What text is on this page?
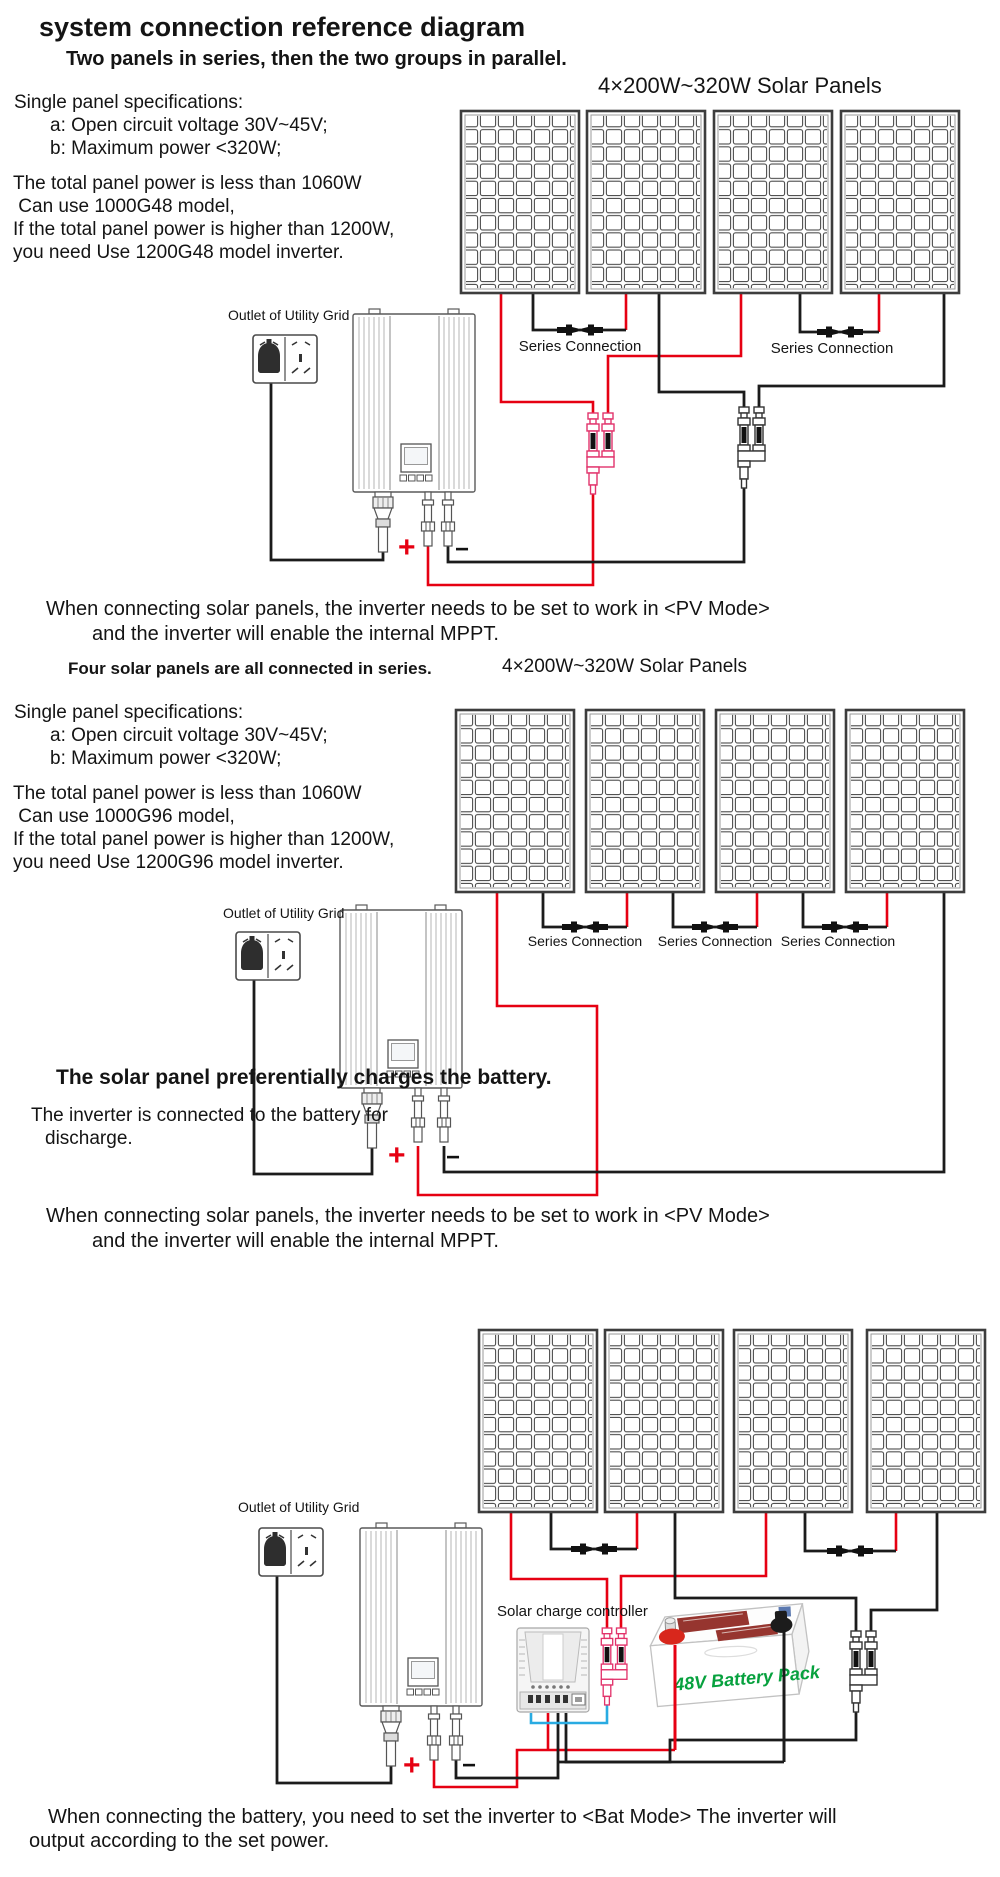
48V Battery Pack
system connection reference diagram
Two panels in series, then the two groups in parallel.
4×200W~320W Solar Panels
Single panel specifications:
a: Open circuit voltage 30V~45V;
b: Maximum power <320W;
The total panel power is less than 1060W
Can use 1000G48 model,
If the total panel power is higher than 1200W,
you need Use 1200G48 model inverter.
Outlet of Utility Grid
Series Connection	Series Connection
+ −
When connecting solar panels, the inverter needs to be set to work in <PV Mode>
and the inverter will enable the internal MPPT.
Four solar panels are all connected in series.	4×200W~320W Solar Panels
Single panel specifications:
a: Open circuit voltage 30V~45V;
b: Maximum power <320W;
The total panel power is less than 1060W
Can use 1000G96 model,
If the total panel power is higher than 1200W,
you need Use 1200G96 model inverter.
Outlet of Utility Grid
Series Connection Series Connection Series Connection
+ −
When connecting solar panels, the inverter needs to be set to work in <PV Mode>
and the inverter will enable the internal MPPT.
The solar panel preferentially charges the battery.
The inverter is connected to the battery for
discharge.
Outlet of Utility Grid
Solar charge controller
+ −
When connecting the battery, you need to set the inverter to <Bat Mode> The inverter will
output according to the set power.
